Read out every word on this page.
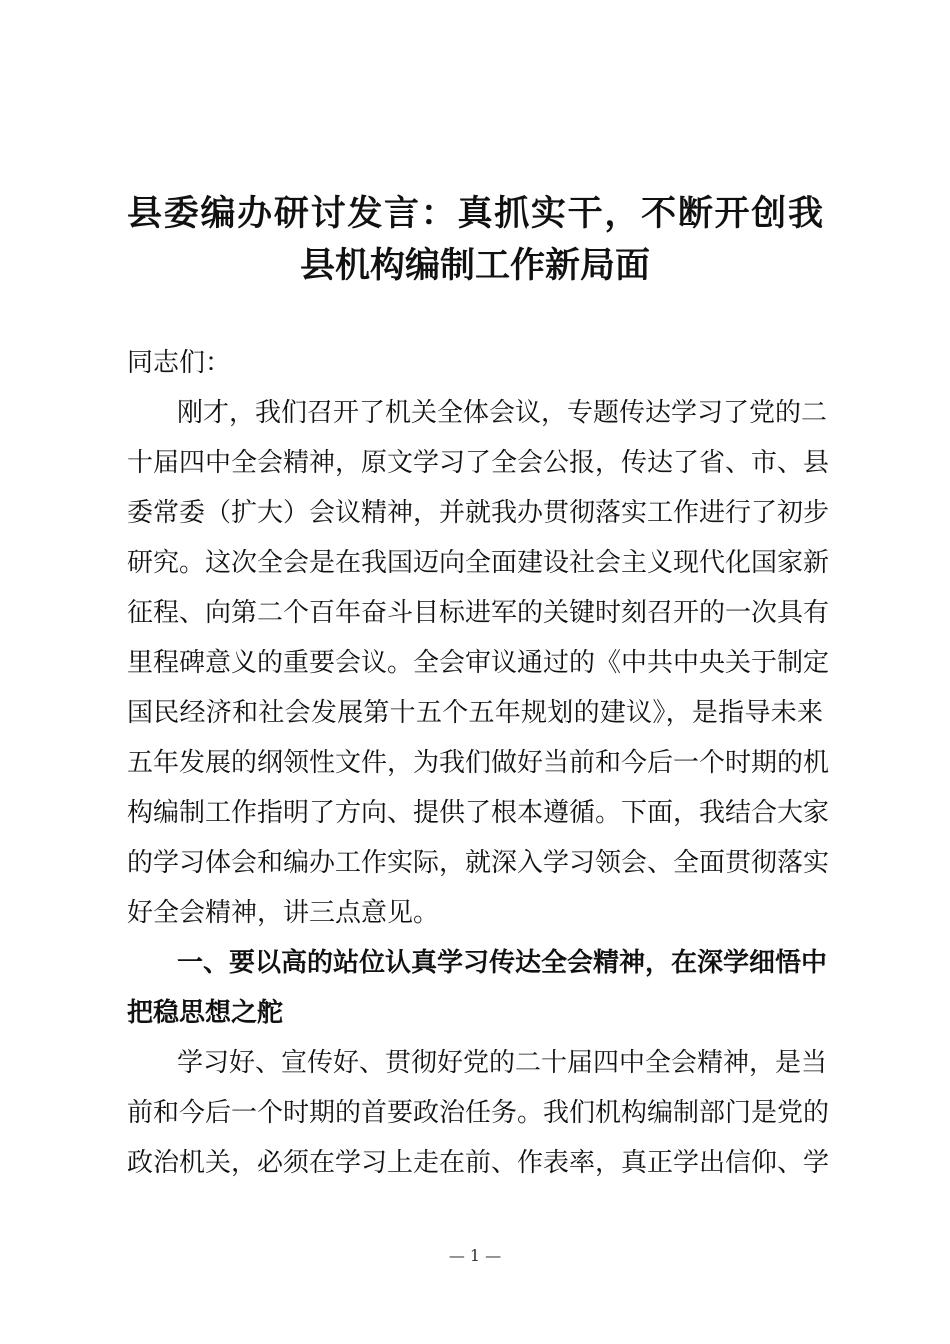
县委编办研讨发言：真抓实干，不断开创我
县机构编制工作新局面
同志们：
刚才，我们召开了机关全体会议，专题传达学习了党的二
十届四中全会精神，原文学习了全会公报，传达了省、市、县
委常委（扩大）会议精神，并就我办贯彻落实工作进行了初步
研究。这次全会是在我国迈向全面建设社会主义现代化国家新
征程、向第二个百年奋斗目标进军的关键时刻召开的一次具有
里程碑意义的重要会议。全会审议通过的《中共中央关于制定
国民经济和社会发展第十五个五年规划的建议》，是指导未来
五年发展的纲领性文件，为我们做好当前和今后一个时期的机
构编制工作指明了方向、提供了根本遵循。下面，我结合大家
的学习体会和编办工作实际，就深入学习领会、全面贯彻落实
好全会精神，讲三点意见。
一、要以高的站位认真学习传达全会精神，在深学细悟中
把稳思想之舵
学习好、宣传好、贯彻好党的二十届四中全会精神，是当
前和今后一个时期的首要政治任务。我们机构编制部门是党的
政治机关，必须在学习上走在前、作表率，真正学出信仰、学
— 1 —
